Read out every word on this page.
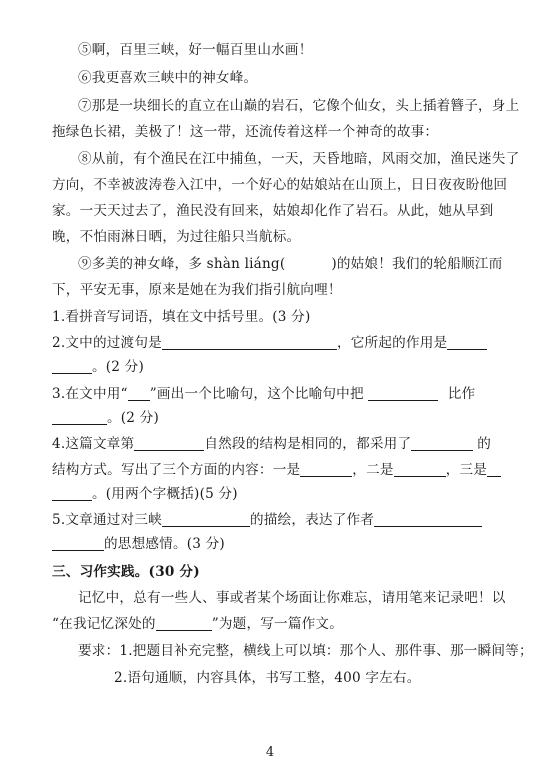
⑤啊，百里三峡，好一幅百里山水画！
⑥我更喜欢三峡中的神女峰。
⑦那是一块细长的直立在山巅的岩石，它像个仙女，头上插着簪子，身上
拖绿色长裙，美极了！这一带，还流传着这样一个神奇的故事：
⑧从前，有个渔民在江中捕鱼，一天，天昏地暗，风雨交加，渔民迷失了
方向，不幸被波涛卷入江中，一个好心的姑娘站在山顶上，日日夜夜盼他回
家。一天天过去了，渔民没有回来，姑娘却化作了岩石。从此，她从早到
晚，不怕雨淋日晒，为过往船只当航标。
⑨多美的神女峰，多 shàn liáng(	)的姑娘！我们的轮船顺江而
下，平安无事，原来是她在为我们指引航向哩！
1.看拼音写词语，填在文中括号里。(3 分)
2.文中的过渡句是	，它所起的作用是
。(2 分)
3.在文中用“ ”画出一个比喻句，这个比喻句中把	比作
。(2 分)
4.这篇文章第	自然段的结构是相同的，都采用了	的
结构方式。写出了三个方面的内容：一是	，二是	，三是
。(用两个字概括)(5 分)
5.文章通过对三峡	的描绘，表达了作者
的思想感情。(3 分)
三、习作实践。(30 分)
记忆中，总有一些人、事或者某个场面让你难忘，请用笔来记录吧！以
“在我记忆深处的	”为题，写一篇作文。
要求：1.把题目补充完整，横线上可以填：那个人、那件事、那一瞬间等；
2.语句通顺，内容具体，书写工整，400 字左右。
4
